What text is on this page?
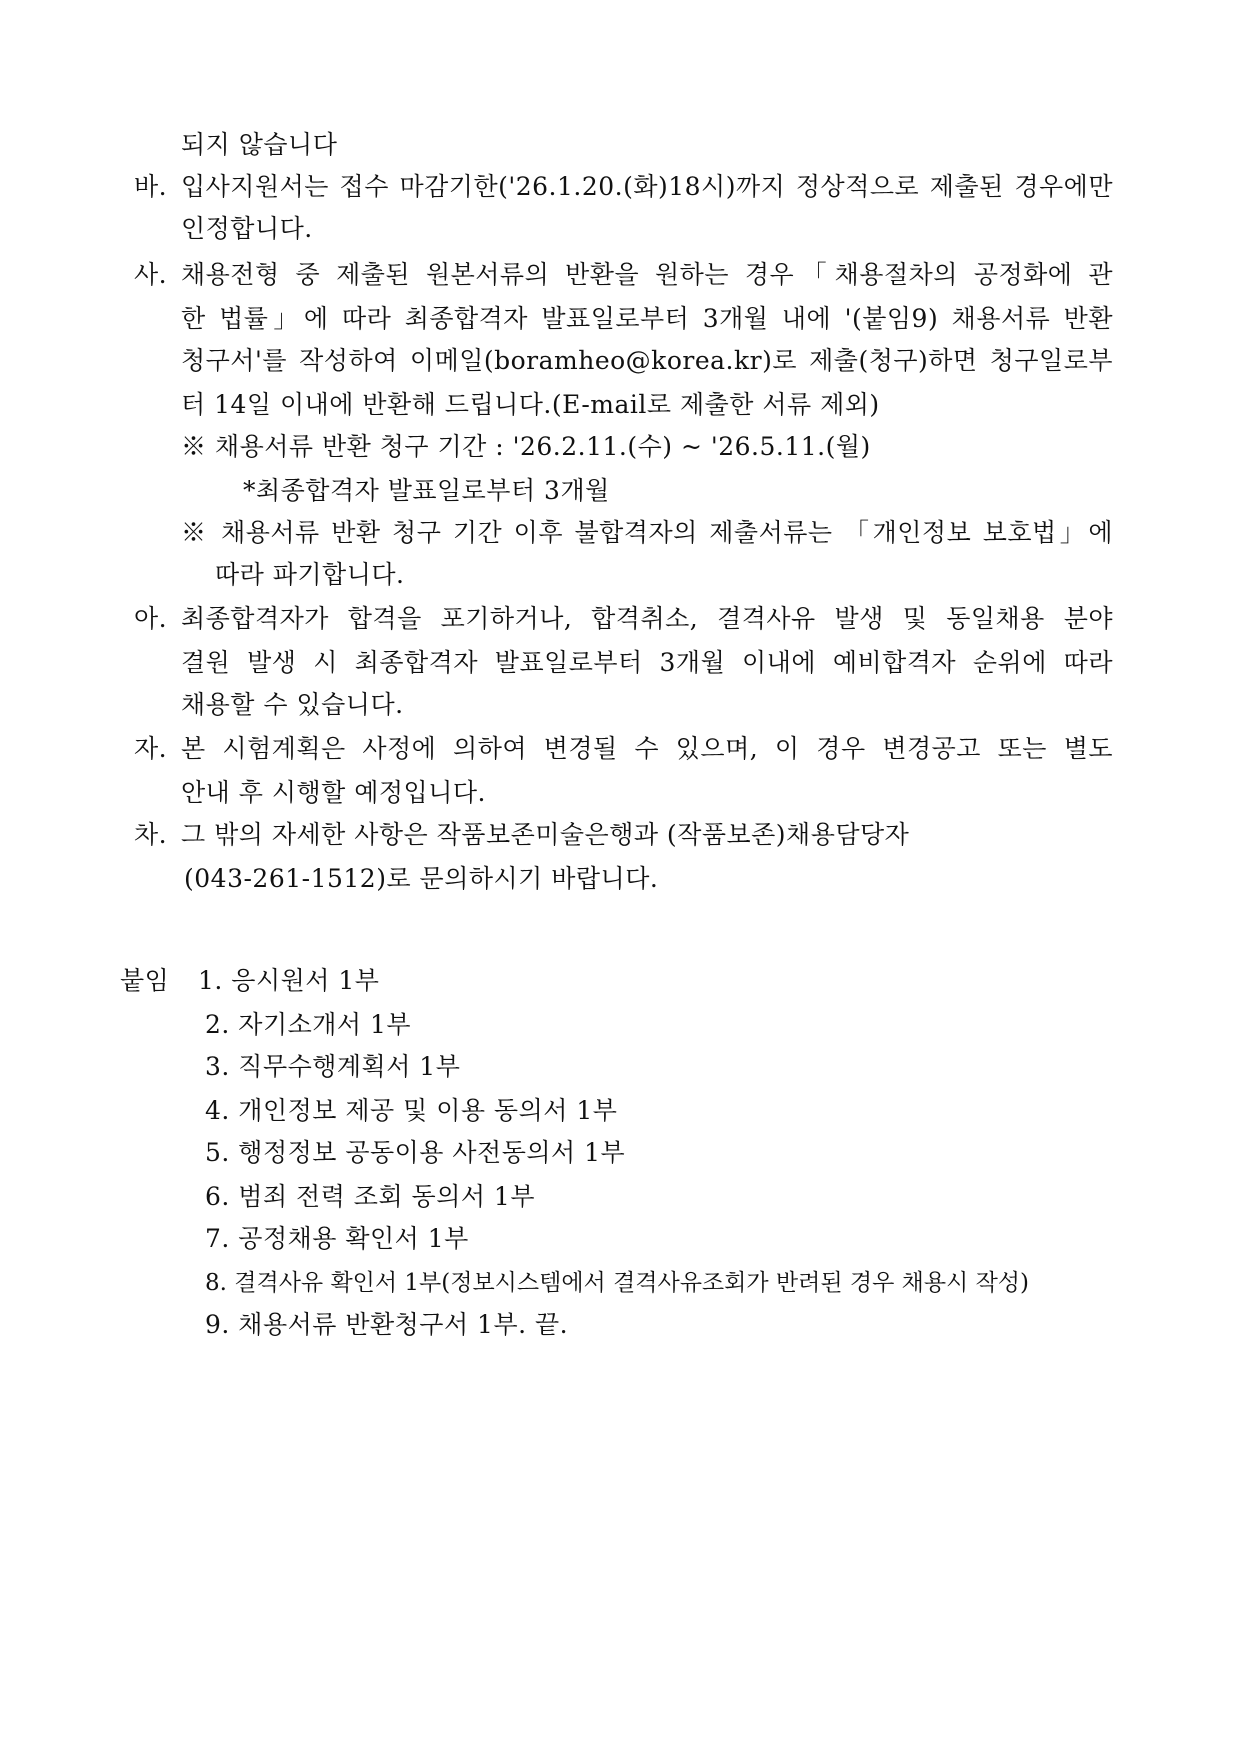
되지 않습니다
바. 입사지원서는 접수 마감기한('26.1.20.(화)18시)까지 정상적으로 제출된 경우에만
인정합니다.
사. 채용전형 중 제출된 원본서류의 반환을 원하는 경우「채용절차의 공정화에 관
한 법률」에 따라 최종합격자 발표일로부터 3개월 내에 '(붙임9) 채용서류 반환
청구서'를 작성하여 이메일(boramheo@korea.kr)로 제출(청구)하면 청구일로부
터 14일 이내에 반환해 드립니다.(E-mail로 제출한 서류 제외)
※ 채용서류 반환 청구 기간 : '26.2.11.(수) ~ '26.5.11.(월)
*최종합격자 발표일로부터 3개월
※ 채용서류 반환 청구 기간 이후 불합격자의 제출서류는 「개인정보 보호법」에
따라 파기합니다.
아. 최종합격자가 합격을 포기하거나, 합격취소, 결격사유 발생 및 동일채용 분야
결원 발생 시 최종합격자 발표일로부터 3개월 이내에 예비합격자 순위에 따라
채용할 수 있습니다.
자. 본 시험계획은 사정에 의하여 변경될 수 있으며, 이 경우 변경공고 또는 별도
안내 후 시행할 예정입니다.
차. 그 밖의 자세한 사항은 작품보존미술은행과 (작품보존)채용담당자
(043-261-1512)로 문의하시기 바랍니다.
붙임 1. 응시원서 1부
2. 자기소개서 1부
3. 직무수행계획서 1부
4. 개인정보 제공 및 이용 동의서 1부
5. 행정정보 공동이용 사전동의서 1부
6. 범죄 전력 조회 동의서 1부
7. 공정채용 확인서 1부
8. 결격사유 확인서 1부(정보시스템에서 결격사유조회가 반려된 경우 채용시 작성)
9. 채용서류 반환청구서 1부. 끝.
